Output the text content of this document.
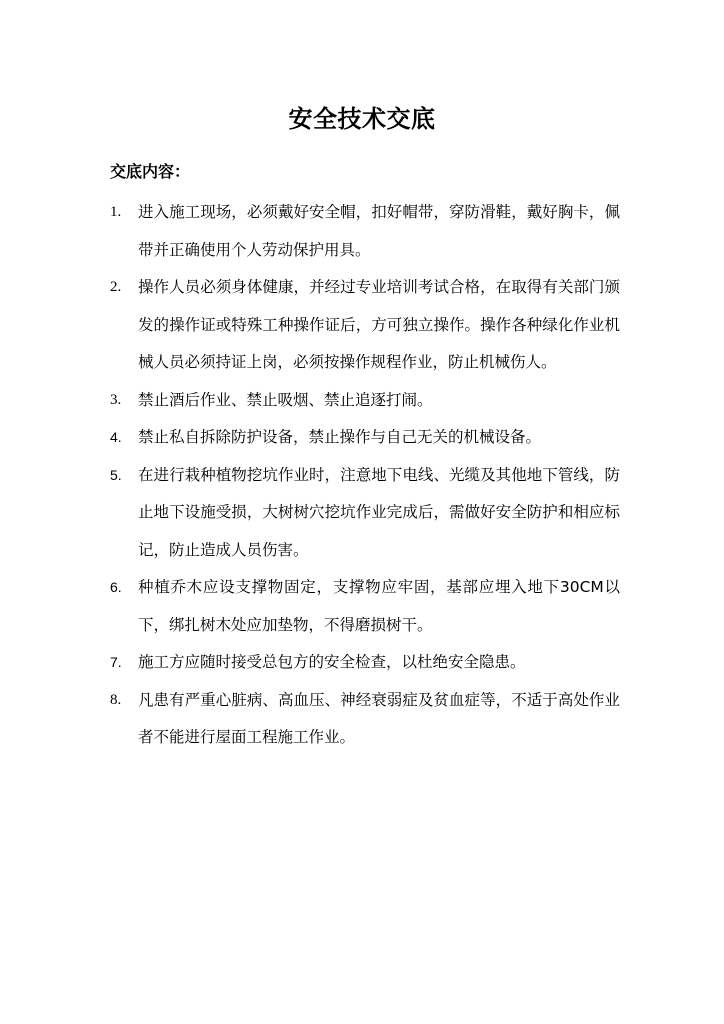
安全技术交底
交底内容：
1. 进入施工现场，必须戴好安全帽，扣好帽带，穿防滑鞋，戴好胸卡，佩带并正确使用个人劳动保护用具。
2. 操作人员必须身体健康，并经过专业培训考试合格，在取得有关部门颁发的操作证或特殊工种操作证后，方可独立操作。操作各种绿化作业机械人员必须持证上岗，必须按操作规程作业，防止机械伤人。
3. 禁止酒后作业、禁止吸烟、禁止追逐打闹。
4. 禁止私自拆除防护设备，禁止操作与自己无关的机械设备。
5. 在进行栽种植物挖坑作业时，注意地下电线、光缆及其他地下管线，防止地下设施受损，大树树穴挖坑作业完成后，需做好安全防护和相应标记，防止造成人员伤害。
6. 种植乔木应设支撑物固定，支撑物应牢固，基部应埋入地下30CM以下，绑扎树木处应加垫物，不得磨损树干。
7. 施工方应随时接受总包方的安全检查，以杜绝安全隐患。
8. 凡患有严重心脏病、高血压、神经衰弱症及贫血症等，不适于高处作业者不能进行屋面工程施工作业。
